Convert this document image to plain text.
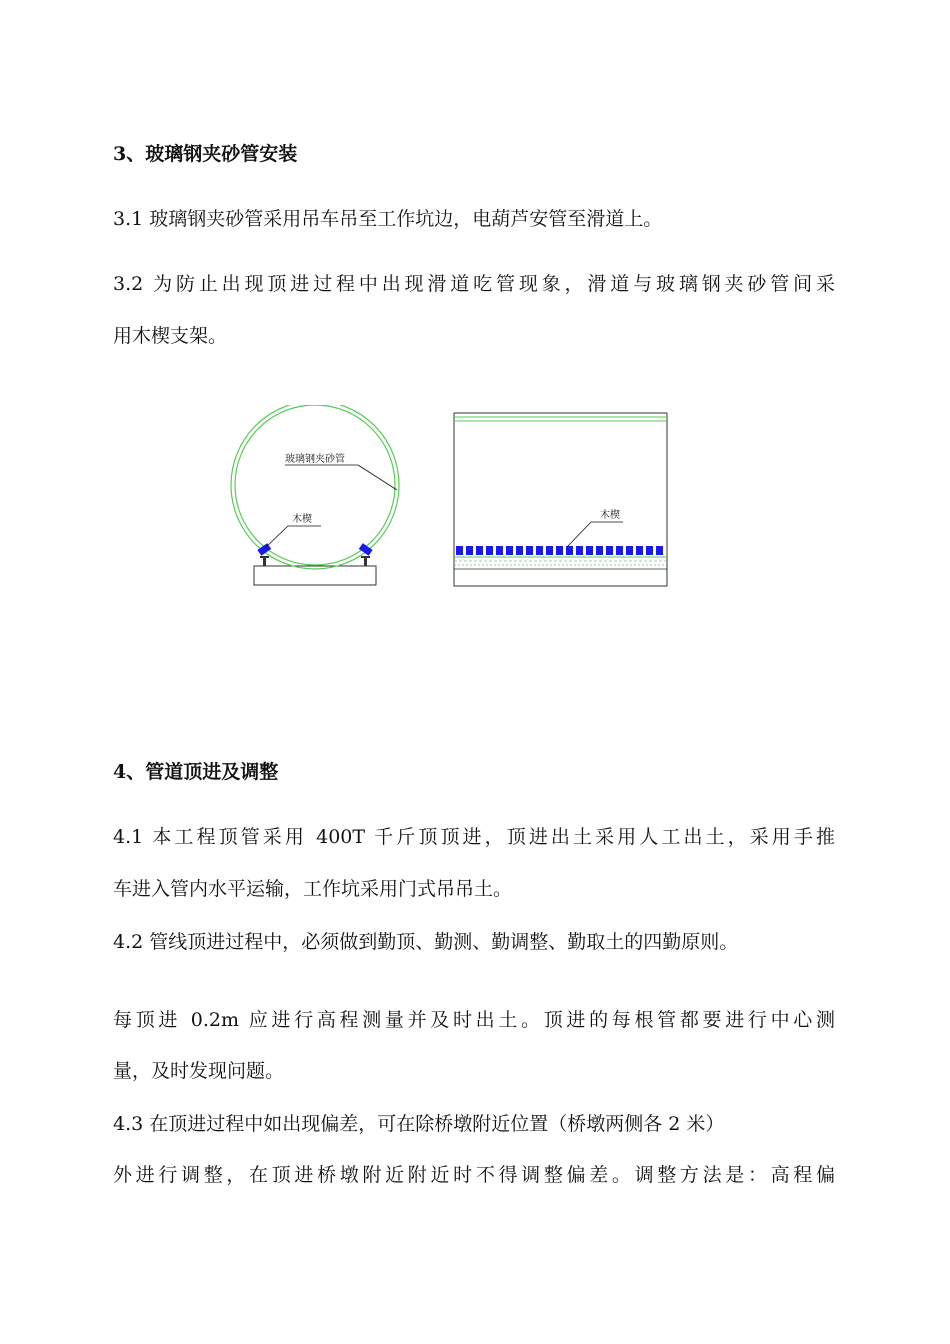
3、玻璃钢夹砂管安装
3.1 玻璃钢夹砂管采用吊车吊至工作坑边，电葫芦安管至滑道上。
3.2 为防止出现顶进过程中出现滑道吃管现象，滑道与玻璃钢夹砂管间采
用木楔支架。
玻璃钢夹砂管
木楔	木楔
4、管道顶进及调整
4.1 本工程顶管采用 400T 千斤顶顶进，顶进出土采用人工出土，采用手推
车进入管内水平运输，工作坑采用门式吊吊土。
4.2 管线顶进过程中，必须做到勤顶、勤测、勤调整、勤取土的四勤原则。
每顶进 0.2m 应进行高程测量并及时出土。顶进的每根管都要进行中心测
量，及时发现问题。
4.3 在顶进过程中如出现偏差，可在除桥墩附近位置（桥墩两侧各 2 米）
外进行调整，在顶进桥墩附近附近时不得调整偏差。调整方法是：高程偏
